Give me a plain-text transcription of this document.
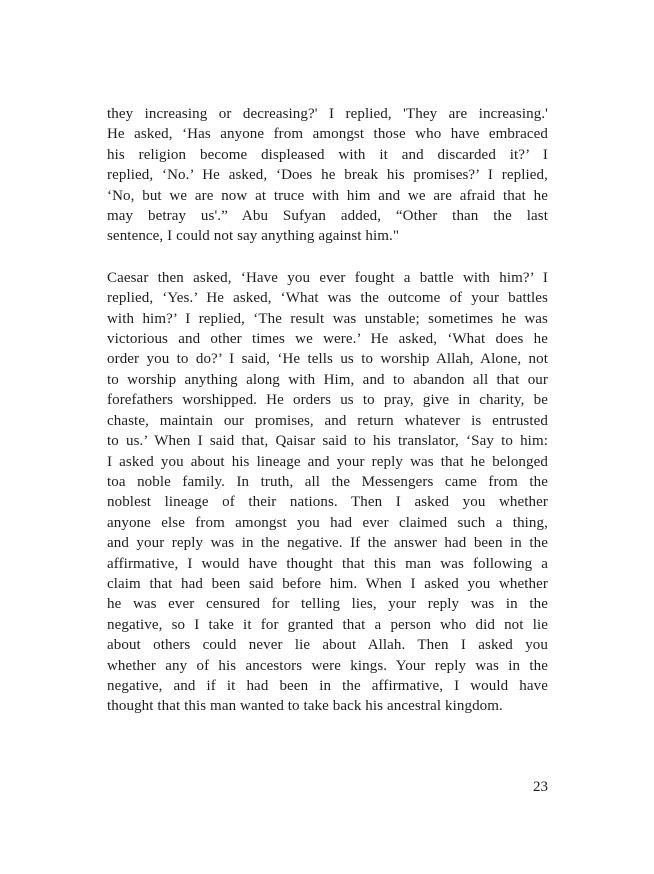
they increasing or decreasing?' I replied, 'They are increasing.'
He asked, ‘Has anyone from amongst those who have embraced
his religion become displeased with it and discarded it?’ I
replied, ‘No.’ He asked, ‘Does he break his promises?’ I replied,
‘No, but we are now at truce with him and we are afraid that he
may betray us'.” Abu Sufyan added, “Other than the last
sentence, I could not say anything against him."
Caesar then asked, ‘Have you ever fought a battle with him?’ I
replied, ‘Yes.’ He asked, ‘What was the outcome of your battles
with him?’ I replied, ‘The result was unstable; sometimes he was
victorious and other times we were.’ He asked, ‘What does he
order you to do?’ I said, ‘He tells us to worship Allah, Alone, not
to worship anything along with Him, and to abandon all that our
forefathers worshipped. He orders us to pray, give in charity, be
chaste, maintain our promises, and return whatever is entrusted
to us.’ When I said that, Qaisar said to his translator, ‘Say to him:
I asked you about his lineage and your reply was that he belonged
toa noble family. In truth, all the Messengers came from the
noblest lineage of their nations. Then I asked you whether
anyone else from amongst you had ever claimed such a thing,
and your reply was in the negative. If the answer had been in the
affirmative, I would have thought that this man was following a
claim that had been said before him. When I asked you whether
he was ever censured for telling lies, your reply was in the
negative, so I take it for granted that a person who did not lie
about others could never lie about Allah. Then I asked you
whether any of his ancestors were kings. Your reply was in the
negative, and if it had been in the affirmative, I would have
thought that this man wanted to take back his ancestral kingdom.
23
